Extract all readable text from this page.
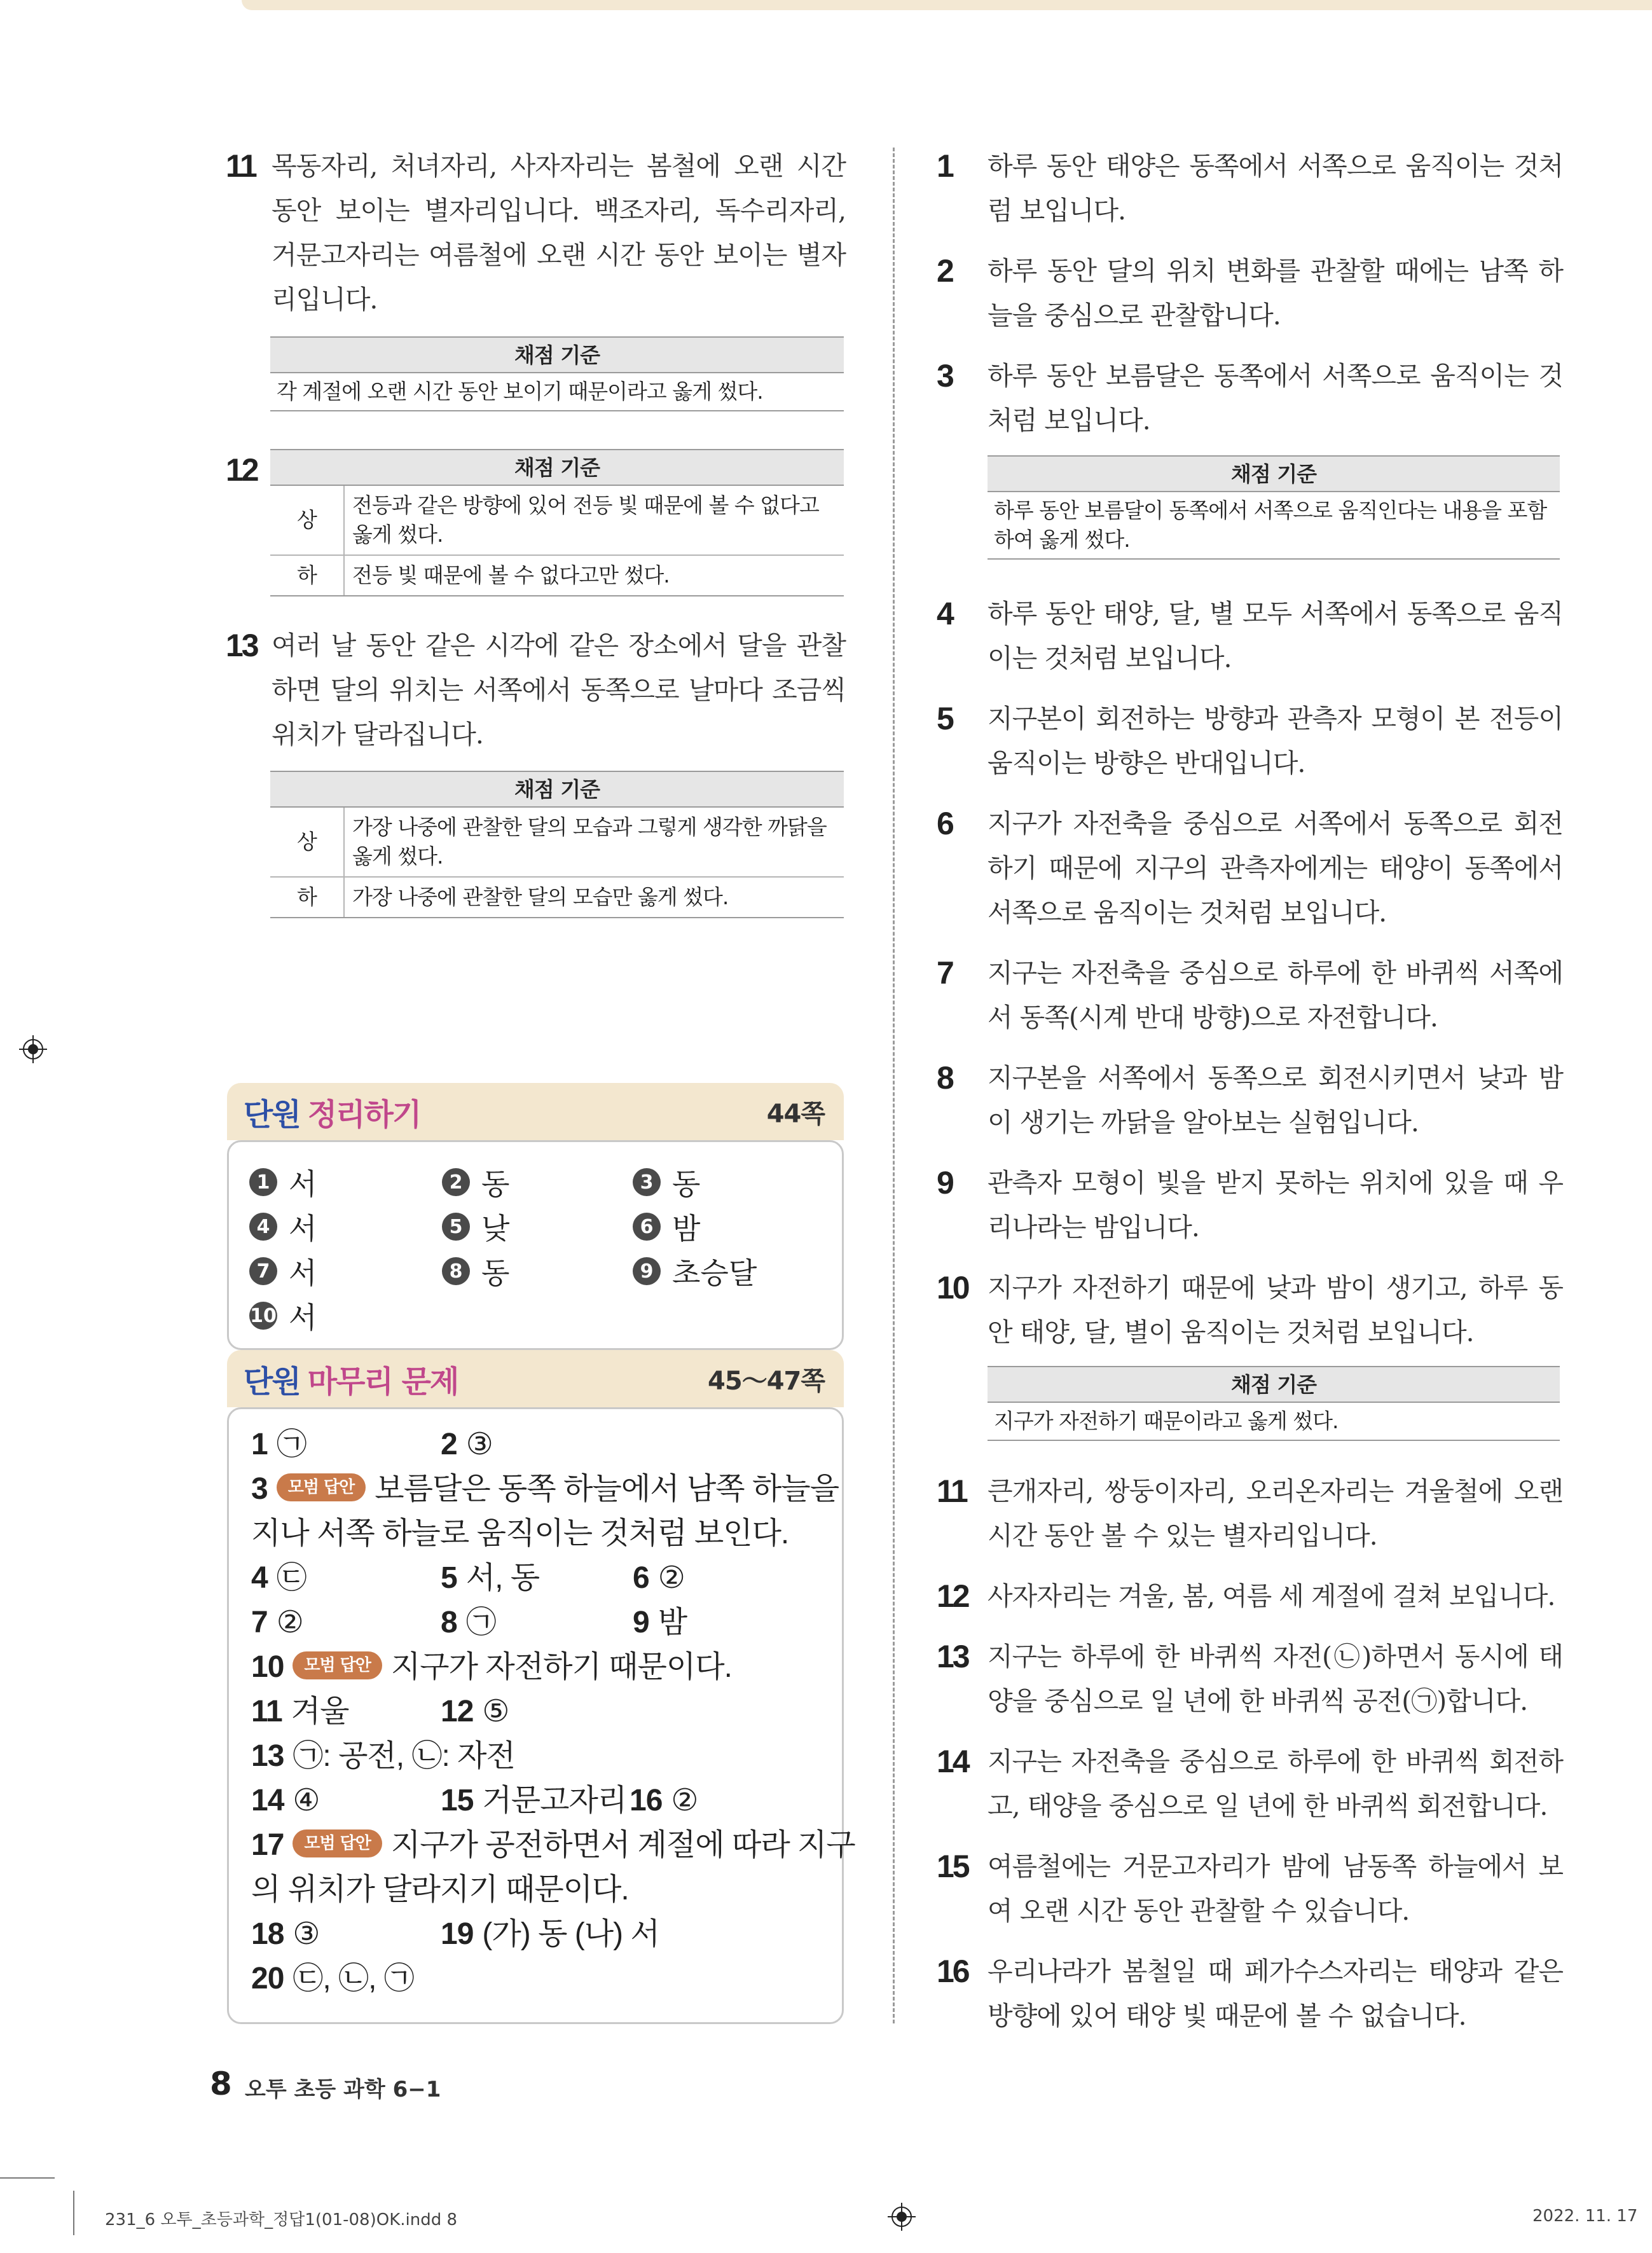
11 목동자리, 처녀자리, 사자자리는 봄철에 오랜 시간 동안 보이는 별자리입니다. 백조자리, 독수리자리, 거문고자리는 여름철에 오랜 시간 동안 보이는 별자리입니다.
채점 기준
각 계절에 오랜 시간 동안 보이기 때문이라고 옳게 썼다.
12	채점 기준
상	전등과 같은 방향에 있어 전등 빛 때문에 볼 수 없다고 옳게 썼다.
하	전등 빛 때문에 볼 수 없다고만 썼다.
13 여러 날 동안 같은 시각에 같은 장소에서 달을 관찰하면 달의 위치는 서쪽에서 동쪽으로 날마다 조금씩 위치가 달라집니다.
채점 기준
상	가장 나중에 관찰한 달의 모습과 그렇게 생각한 까닭을 옳게 썼다.
하	가장 나중에 관찰한 달의 모습만 옳게 썼다.
단원 정리하기	44쪽
1 서	2 동	3 동
4 서	5 낮	6 밤
7 서	8 동	9 초승달
10 서
단원 마무리 문제	45～47쪽
1 ㉠	2 ③
3 모범 답안 보름달은 동쪽 하늘에서 남쪽 하늘을
지나 서쪽 하늘로 움직이는 것처럼 보인다.
4 ㉢	5 서, 동	6 ②
7 ②	8 ㉠	9 밤
10 모범 답안 지구가 자전하기 때문이다.
11 겨울	12 ⑤
13 ㉠: 공전, ㉡: 자전
14 ④	15 거문고자리 16 ②
17 모범 답안 지구가 공전하면서 계절에 따라 지구
의 위치가 달라지기 때문이다.
18 ③	19 (가) 동 (나) 서
20 ㉢, ㉡, ㉠
1	하루 동안 태양은 동쪽에서 서쪽으로 움직이는 것처럼 보입니다.
2	하루 동안 달의 위치 변화를 관찰할 때에는 남쪽 하늘을 중심으로 관찰합니다.
3	하루 동안 보름달은 동쪽에서 서쪽으로 움직이는 것처럼 보입니다.
채점 기준
하루 동안 보름달이 동쪽에서 서쪽으로 움직인다는 내용을 포함하여 옳게 썼다.
4	하루 동안 태양, 달, 별 모두 서쪽에서 동쪽으로 움직이는 것처럼 보입니다.
5	지구본이 회전하는 방향과 관측자 모형이 본 전등이 움직이는 방향은 반대입니다.
6	지구가 자전축을 중심으로 서쪽에서 동쪽으로 회전하기 때문에 지구의 관측자에게는 태양이 동쪽에서 서쪽으로 움직이는 것처럼 보입니다.
7	지구는 자전축을 중심으로 하루에 한 바퀴씩 서쪽에서 동쪽(시계 반대 방향)으로 자전합니다.
8	지구본을 서쪽에서 동쪽으로 회전시키면서 낮과 밤이 생기는 까닭을 알아보는 실험입니다.
9	관측자 모형이 빛을 받지 못하는 위치에 있을 때 우리나라는 밤입니다.
10 지구가 자전하기 때문에 낮과 밤이 생기고, 하루 동안 태양, 달, 별이 움직이는 것처럼 보입니다.
채점 기준
지구가 자전하기 때문이라고 옳게 썼다.
11 큰개자리, 쌍둥이자리, 오리온자리는 겨울철에 오랜 시간 동안 볼 수 있는 별자리입니다.
12 사자자리는 겨울, 봄, 여름 세 계절에 걸쳐 보입니다.
13 지구는 하루에 한 바퀴씩 자전(㉡)하면서 동시에 태양을 중심으로 일 년에 한 바퀴씩 공전(㉠)합니다.
14 지구는 자전축을 중심으로 하루에 한 바퀴씩 회전하고, 태양을 중심으로 일 년에 한 바퀴씩 회전합니다.
15 여름철에는 거문고자리가 밤에 남동쪽 하늘에서 보여 오랜 시간 동안 관찰할 수 있습니다.
16 우리나라가 봄철일 때 페가수스자리는 태양과 같은 방향에 있어 태양 빛 때문에 볼 수 없습니다.
8 오투 초등 과학 6−1
231_6 오투_초등과학_정답1(01-08)OK.indd 8	2022. 11. 17
